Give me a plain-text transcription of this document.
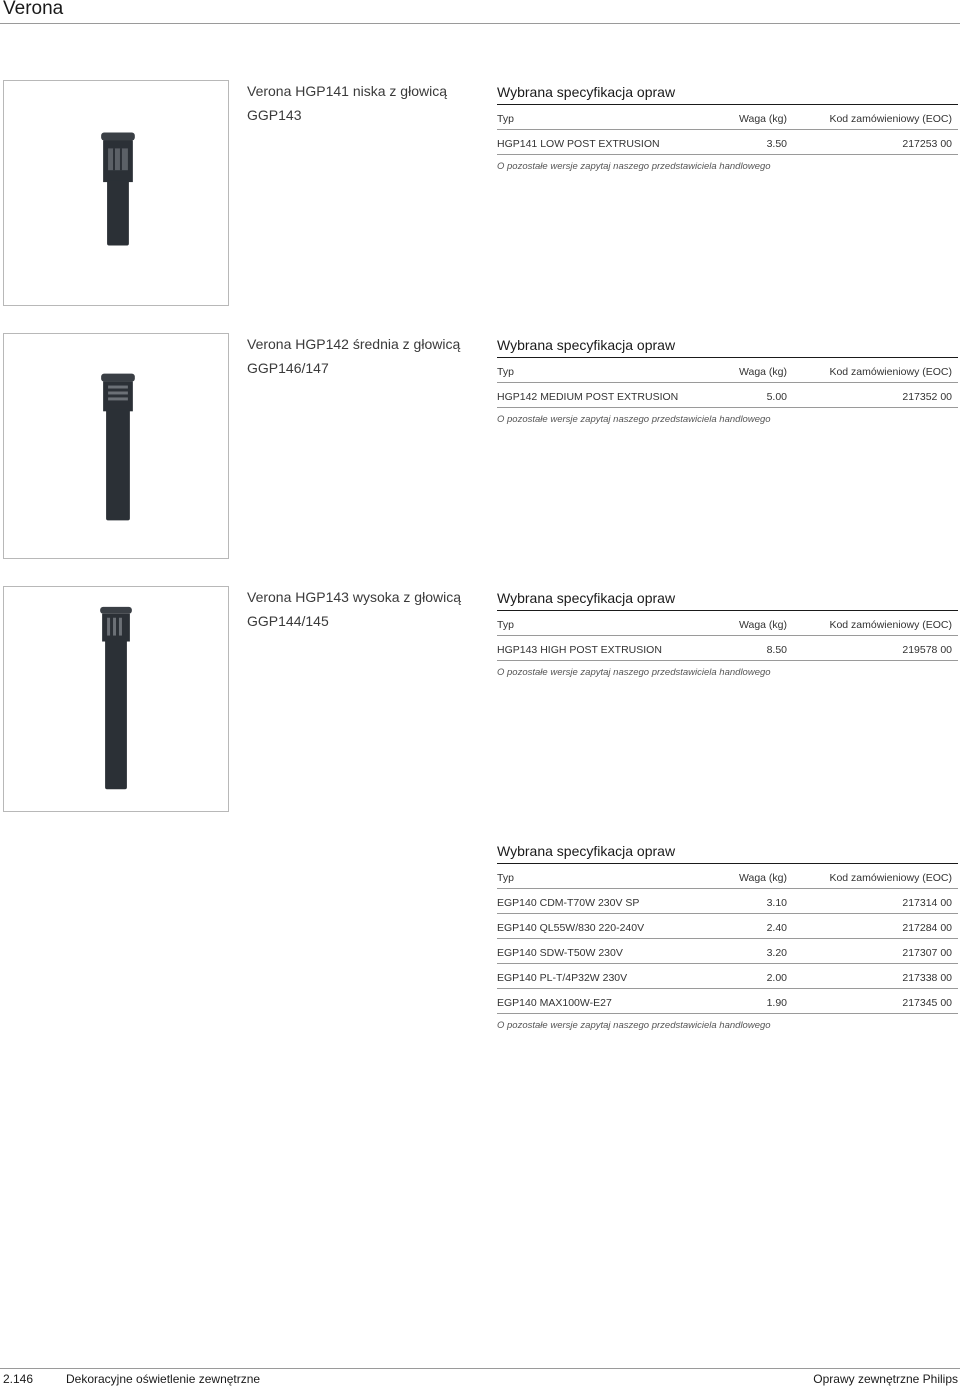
Verona
Verona HGP141 niska z głowicą
GGP143
Wybrana specyfikacja opraw
Typ	Waga (kg)	Kod zamówieniowy (EOC)
HGP141 LOW POST EXTRUSION	3.50	217253 00
O pozostałe wersje zapytaj naszego przedstawiciela handlowego
Verona HGP142 średnia z głowicą
GGP146/147
Wybrana specyfikacja opraw
Typ	Waga (kg)	Kod zamówieniowy (EOC)
HGP142 MEDIUM POST EXTRUSION	5.00	217352 00
O pozostałe wersje zapytaj naszego przedstawiciela handlowego
Verona HGP143 wysoka z głowicą
GGP144/145
Wybrana specyfikacja opraw
Typ	Waga (kg)	Kod zamówieniowy (EOC)
HGP143 HIGH POST EXTRUSION	8.50	219578 00
O pozostałe wersje zapytaj naszego przedstawiciela handlowego
Wybrana specyfikacja opraw
Typ	Waga (kg)	Kod zamówieniowy (EOC)
EGP140 CDM-T70W 230V SP	3.10	217314 00
EGP140 QL55W/830 220-240V	2.40	217284 00
EGP140 SDW-T50W 230V	3.20	217307 00
EGP140 PL-T/4P32W 230V	2.00	217338 00
EGP140 MAX100W-E27	1.90	217345 00
O pozostałe wersje zapytaj naszego przedstawiciela handlowego
2.146	Dekoracyjne oświetlenie zewnętrzne	Oprawy zewnętrzne Philips
